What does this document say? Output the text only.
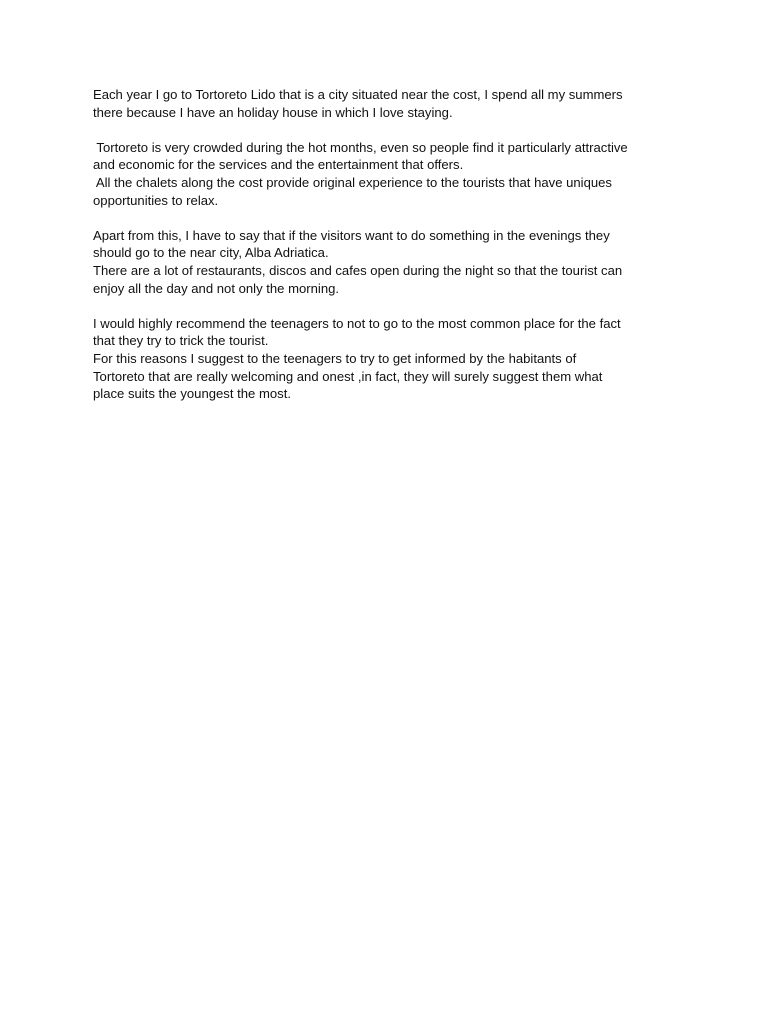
Each year I go to Tortoreto Lido that is a city situated near the cost, I spend all my summers
there because I have an holiday house in which I love staying.

Tortoreto is very crowded during the hot months, even so people find it particularly attractive
and economic for the services and the entertainment that offers.
All the chalets along the cost provide original experience to the tourists that have uniques
opportunities to relax.

Apart from this, I have to say that if the visitors want to do something in the evenings they
should go to the near city, Alba Adriatica.
There are a lot of restaurants, discos and cafes open during the night so that the tourist can
enjoy all the day and not only the morning.

I would highly recommend the teenagers to not to go to the most common place for the fact
that they try to trick the tourist.
For this reasons I suggest to the teenagers to try to get informed by the habitants of
Tortoreto that are really welcoming and onest ,in fact, they will surely suggest them what
place suits the youngest the most.
